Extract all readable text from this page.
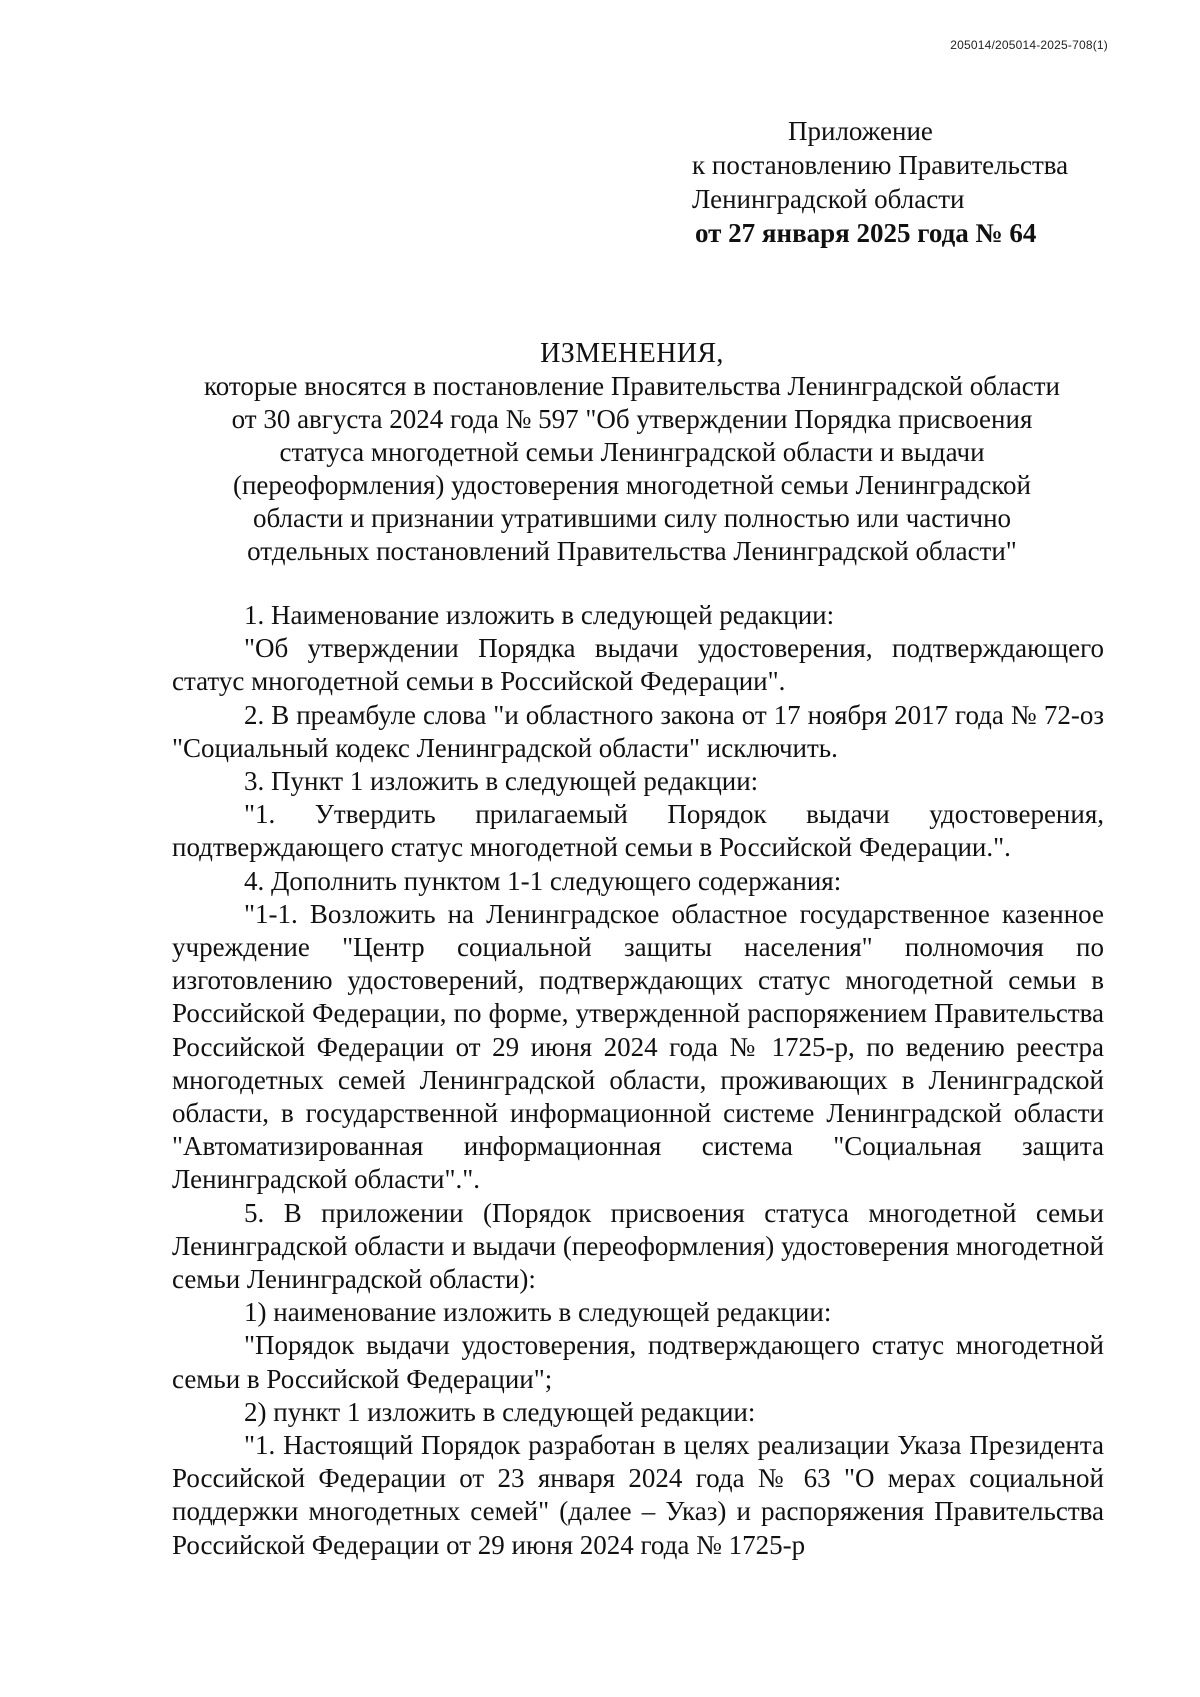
205014/205014-2025-708(1)
Приложение
к постановлению Правительства
Ленинградской области
от 27 января 2025 года № 64
ИЗМЕНЕНИЯ,
которые вносятся в постановление Правительства Ленинградской области
от 30 августа 2024 года № 597 "Об утверждении Порядка присвоения
статуса многодетной семьи Ленинградской области и выдачи
(переоформления) удостоверения многодетной семьи Ленинградской
области и признании утратившими силу полностью или частично
отдельных постановлений Правительства Ленинградской области"

1. Наименование изложить в следующей редакции:

"Об утверждении Порядка выдачи удостоверения, подтверждающего статус многодетной семьи в Российской Федерации".

2. В преамбуле слова "и областного закона от 17 ноября 2017 года № 72-оз "Социальный кодекс Ленинградской области" исключить.

3. Пункт 1 изложить в следующей редакции:

"1. Утвердить прилагаемый Порядок выдачи удостоверения, подтверждающего статус многодетной семьи в Российской Федерации.".

4. Дополнить пунктом 1-1 следующего содержания:

"1-1. Возложить на Ленинградское областное государственное казенное учреждение "Центр социальной защиты населения" полномочия по изготовлению удостоверений, подтверждающих статус многодетной семьи в Российской Федерации, по форме, утвержденной распоряжением Правительства Российской Федерации от 29 июня 2024 года № 1725-р, по ведению реестра многодетных семей Ленинградской области, проживающих в Ленинградской области, в государственной информационной системе Ленинградской области "Автоматизированная информационная система "Социальная защита Ленинградской области".".

5. В приложении (Порядок присвоения статуса многодетной семьи Ленинградской области и выдачи (переоформления) удостоверения многодетной семьи Ленинградской области):

1) наименование изложить в следующей редакции:

"Порядок выдачи удостоверения, подтверждающего статус многодетной семьи в Российской Федерации";

2) пункт 1 изложить в следующей редакции:

"1. Настоящий Порядок разработан в целях реализации Указа Президента Российской Федерации от 23 января 2024 года № 63 "О мерах социальной поддержки многодетных семей" (далее – Указ) и распоряжения Правительства Российской Федерации от 29 июня 2024 года № 1725-р
